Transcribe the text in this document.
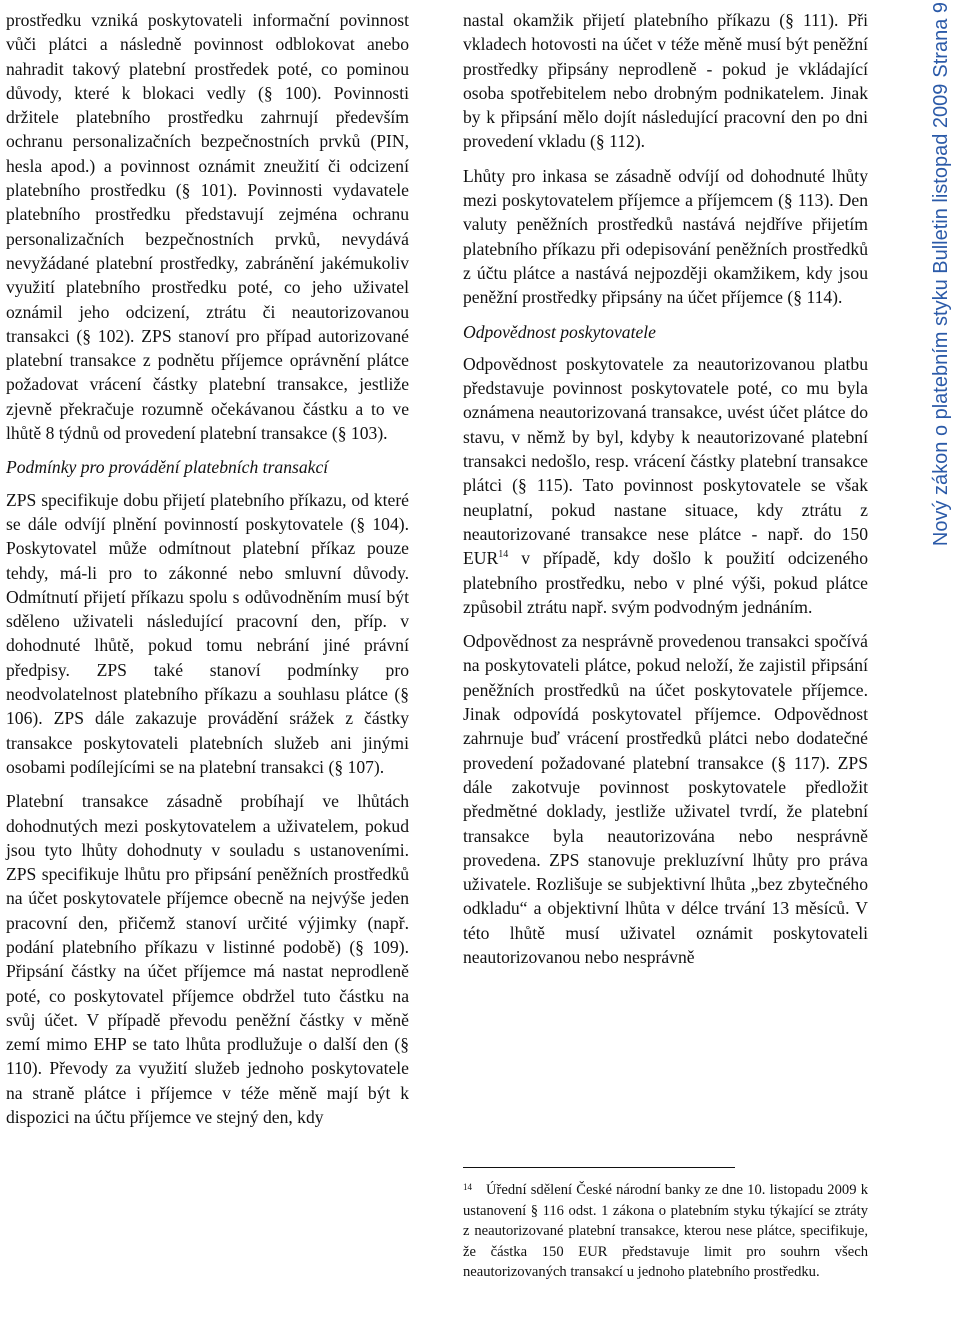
prostředku vzniká poskytovateli informační povinnost vůči plátci a následně povinnost odblokovat anebo nahradit takový platební prostředek poté, co pominou důvody, které k blokaci vedly (§ 100). Povinnosti držitele platebního prostředku zahrnují především ochranu personalizačních bezpečnostních prvků (PIN, hesla apod.) a povinnost oznámit zneužití či odcizení platebního prostředku (§ 101). Povinnosti vydavatele platebního prostředku představují zejména ochranu personalizačních bezpečnostních prvků, nevydává nevyžádané platební prostředky, zabránění jakémukoliv využití platebního prostředku poté, co jeho uživatel oznámil jeho odcizení, ztrátu či neautorizovanou transakci (§ 102). ZPS stanoví pro případ autorizované platební transakce z podnětu příjemce oprávnění plátce požadovat vrácení částky platební transakce, jestliže zjevně překračuje rozumně očekávanou částku a to ve lhůtě 8 týdnů od provedení platební transakce (§ 103).

Podmínky pro provádění platebních transakcí

ZPS specifikuje dobu přijetí platebního příkazu, od které se dále odvíjí plnění povinností poskytovatele (§ 104). Poskytovatel může odmítnout platební příkaz pouze tehdy, má-li pro to zákonné nebo smluvní důvody. Odmítnutí přijetí příkazu spolu s odůvodněním musí být sděleno uživateli následující pracovní den, příp. v dohodnuté lhůtě, pokud tomu nebrání jiné právní předpisy. ZPS také stanoví podmínky pro neodvolatelnost platebního příkazu a souhlasu plátce (§ 106). ZPS dále zakazuje provádění srážek z částky transakce poskytovateli platebních služeb ani jinými osobami podílejícími se na platební transakci (§ 107).

Platební transakce zásadně probíhají ve lhůtách dohodnutých mezi poskytovatelem a uživatelem, pokud jsou tyto lhůty dohodnuty v souladu s ustanoveními. ZPS specifikuje lhůtu pro připsání peněžních prostředků na účet poskytovatele příjemce obecně na nejvýše jeden pracovní den, přičemž stanoví určité výjimky (např. podání platebního příkazu v listinné podobě) (§ 109). Připsání částky na účet příjemce má nastat neprodleně poté, co poskytovatel příjemce obdržel tuto částku na svůj účet. V případě převodu peněžní částky v měně zemí mimo EHP se tato lhůta prodlužuje o další den (§ 110). Převody za využití služeb jednoho poskytovatele na straně plátce i příjemce v téže měně mají být k dispozici na účtu příjemce ve stejný den, kdy

nastal okamžik přijetí platebního příkazu (§ 111). Při vkladech hotovosti na účet v téže měně musí být peněžní prostředky připsány neprodleně - pokud je vkládající osoba spotřebitelem nebo drobným podnikatelem. Jinak by k připsání mělo dojít následující pracovní den po dni provedení vkladu (§ 112).

Lhůty pro inkasa se zásadně odvíjí od dohodnuté lhůty mezi poskytovatelem příjemce a příjemcem (§ 113). Den valuty peněžních prostředků nastává nejdříve přijetím platebního příkazu při odepisování peněžních prostředků z účtu plátce a nastává nejpozději okamžikem, kdy jsou peněžní prostředky připsány na účet příjemce (§ 114).

Odpovědnost poskytovatele

Odpovědnost poskytovatele za neautorizovanou platbu představuje povinnost poskytovatele poté, co mu byla oznámena neautorizovaná transakce, uvést účet plátce do stavu, v němž by byl, kdyby k neautorizované platební transakci nedošlo, resp. vrácení částky platební transakce plátci (§ 115). Tato povinnost poskytovatele se však neuplatní, pokud nastane situace, kdy ztrátu z neautorizované transakce nese plátce - např. do 150 EUR$^{14}$ v případě, kdy došlo k použití odcizeného platebního prostředku, nebo v plné výši, pokud plátce způsobil ztrátu např. svým podvodným jednáním.

Odpovědnost za nesprávně provedenou transakci spočívá na poskytovateli plátce, pokud neloží, že zajistil připsání peněžních prostředků na účet poskytovatele příjemce. Jinak odpovídá poskytovatel příjemce. Odpovědnost zahrnuje buď vrácení prostředků plátci nebo dodatečné provedení požadované platební transakce (§ 117). ZPS dále zakotvuje povinnost poskytovatele předložit předmětné doklady, jestliže uživatel tvrdí, že platební transakce byla neautorizována nebo nesprávně provedena. ZPS stanovuje prekluzívní lhůty pro práva uživatele. Rozlišuje se subjektivní lhůta „bez zbytečného odkladu“ a objektivní lhůta v délce trvání 13 měsíců. V této lhůtě musí uživatel oznámit poskytovateli neautorizovanou nebo nesprávně

$^{14}$ Úřední sdělení České národní banky ze dne 10. listopadu 2009 k ustanovení § 116 odst. 1 zákona o platebním styku týkající se ztráty z neautorizované platební transakce, kterou nese plátce, specifikuje, že částka 150 EUR představuje limit pro souhrn všech neautorizovaných transakcí u jednoho platebního prostředku.
Nový zákon o platebním styku Bulletin listopad 2009Strana 9
